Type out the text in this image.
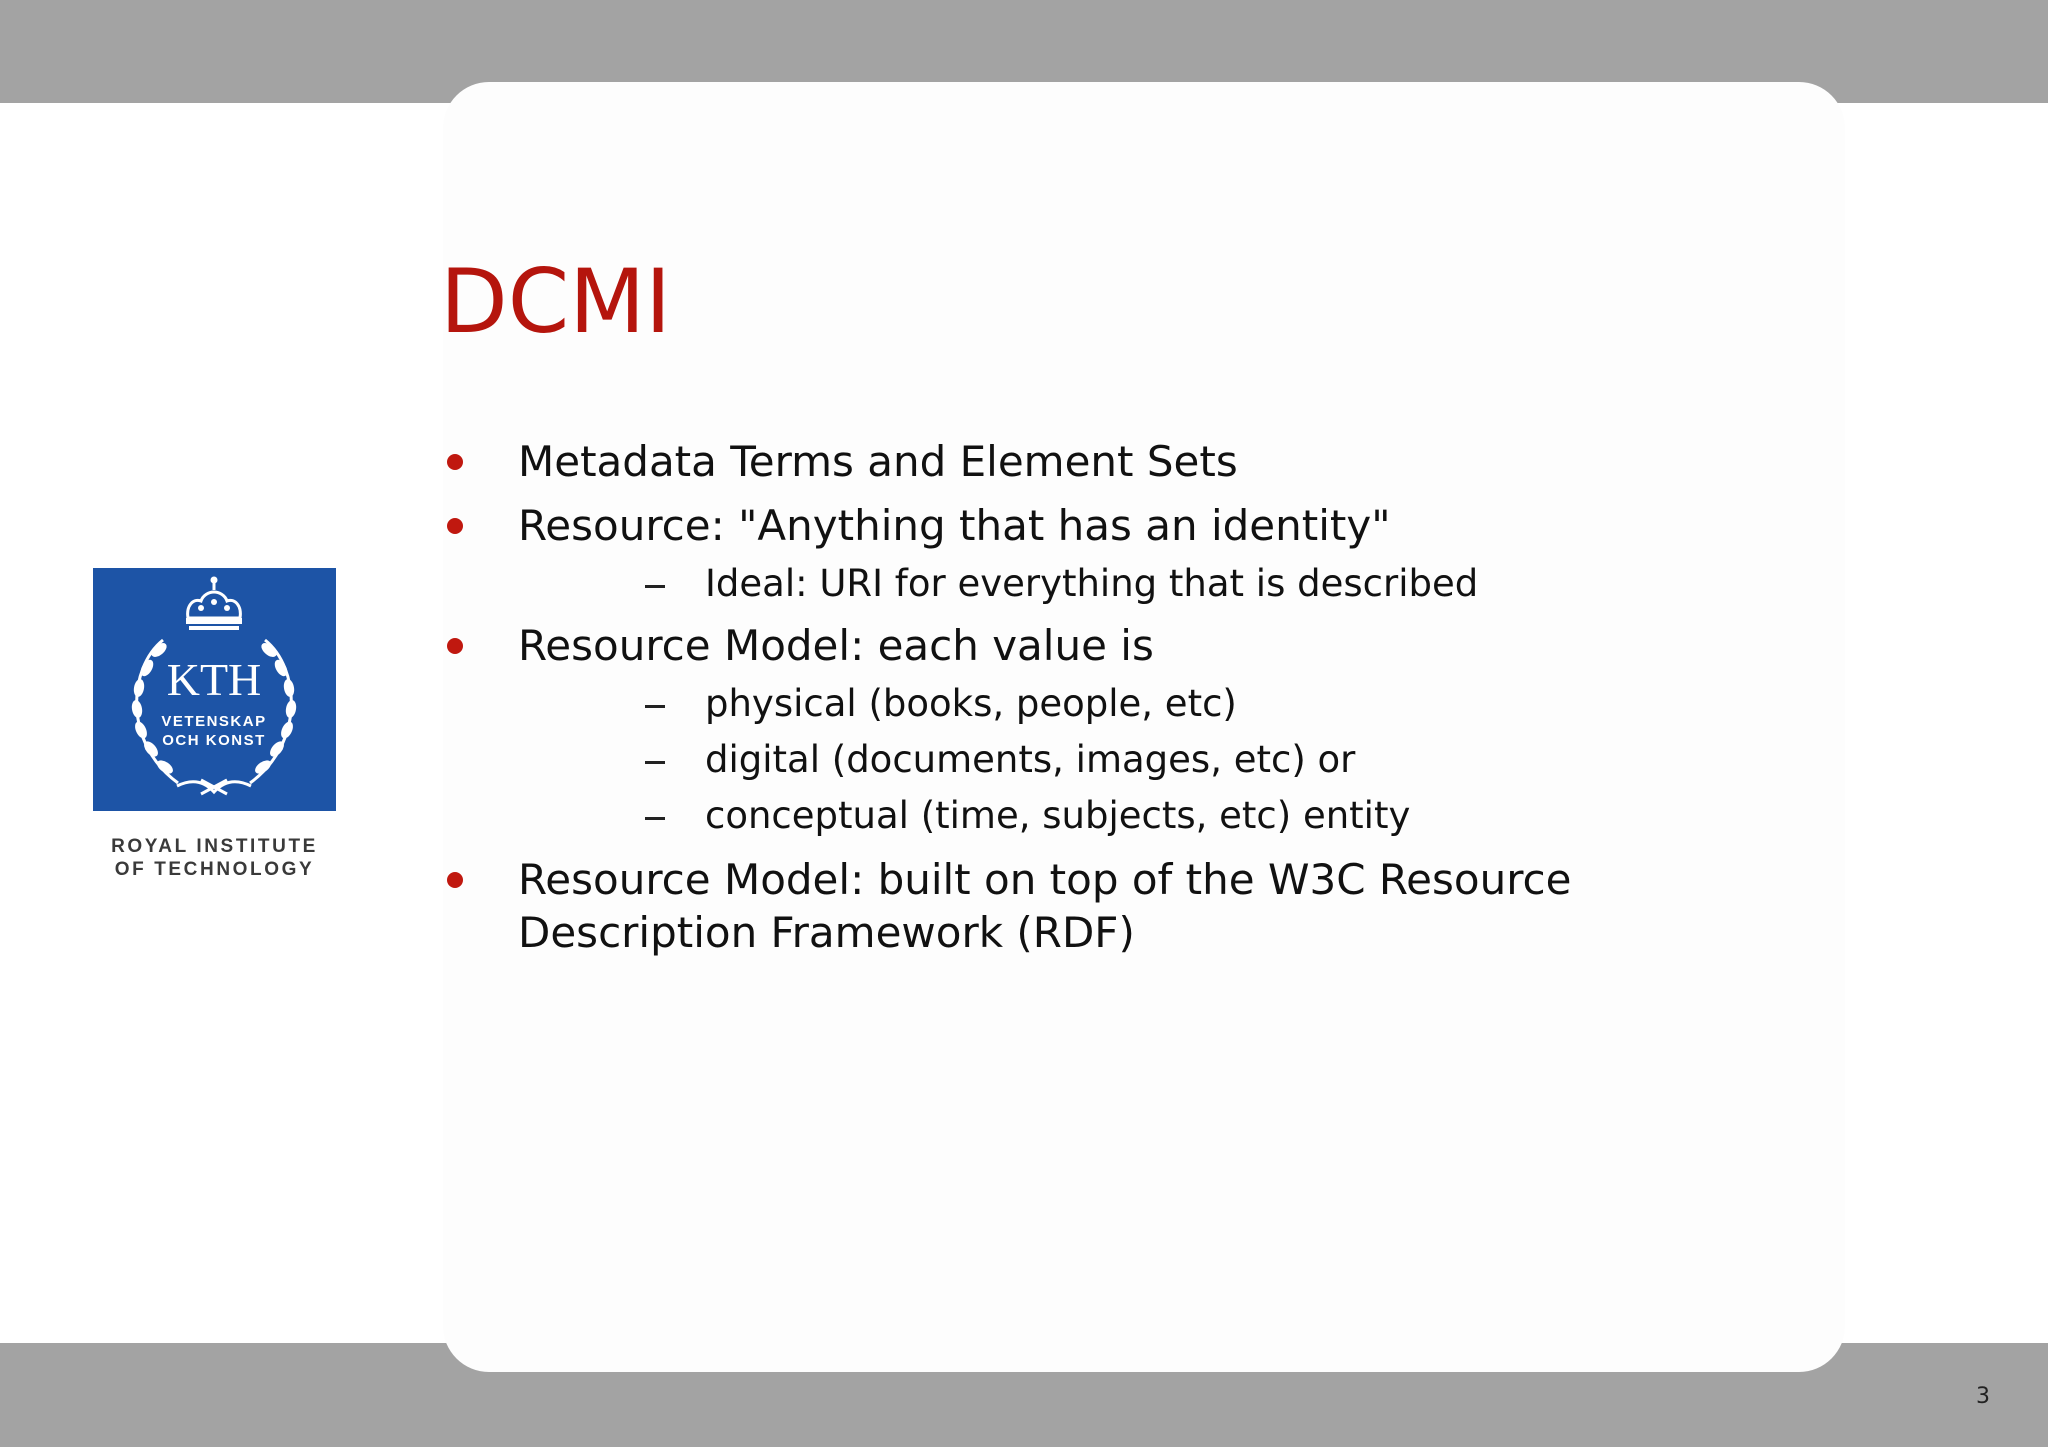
KTH
VETENSKAP
OCH KONST
ROYAL INSTITUTE
OF TECHNOLOGY
DCMI
Metadata Terms and Element Sets
Resource: "Anything that has an identity"
Ideal: URI for everything that is described
Resource Model: each value is
physical (books, people, etc)
digital (documents, images, etc) or
conceptual (time, subjects, etc) entity
Resource Model: built on top of the W3C Resource
Description Framework (RDF)
3
